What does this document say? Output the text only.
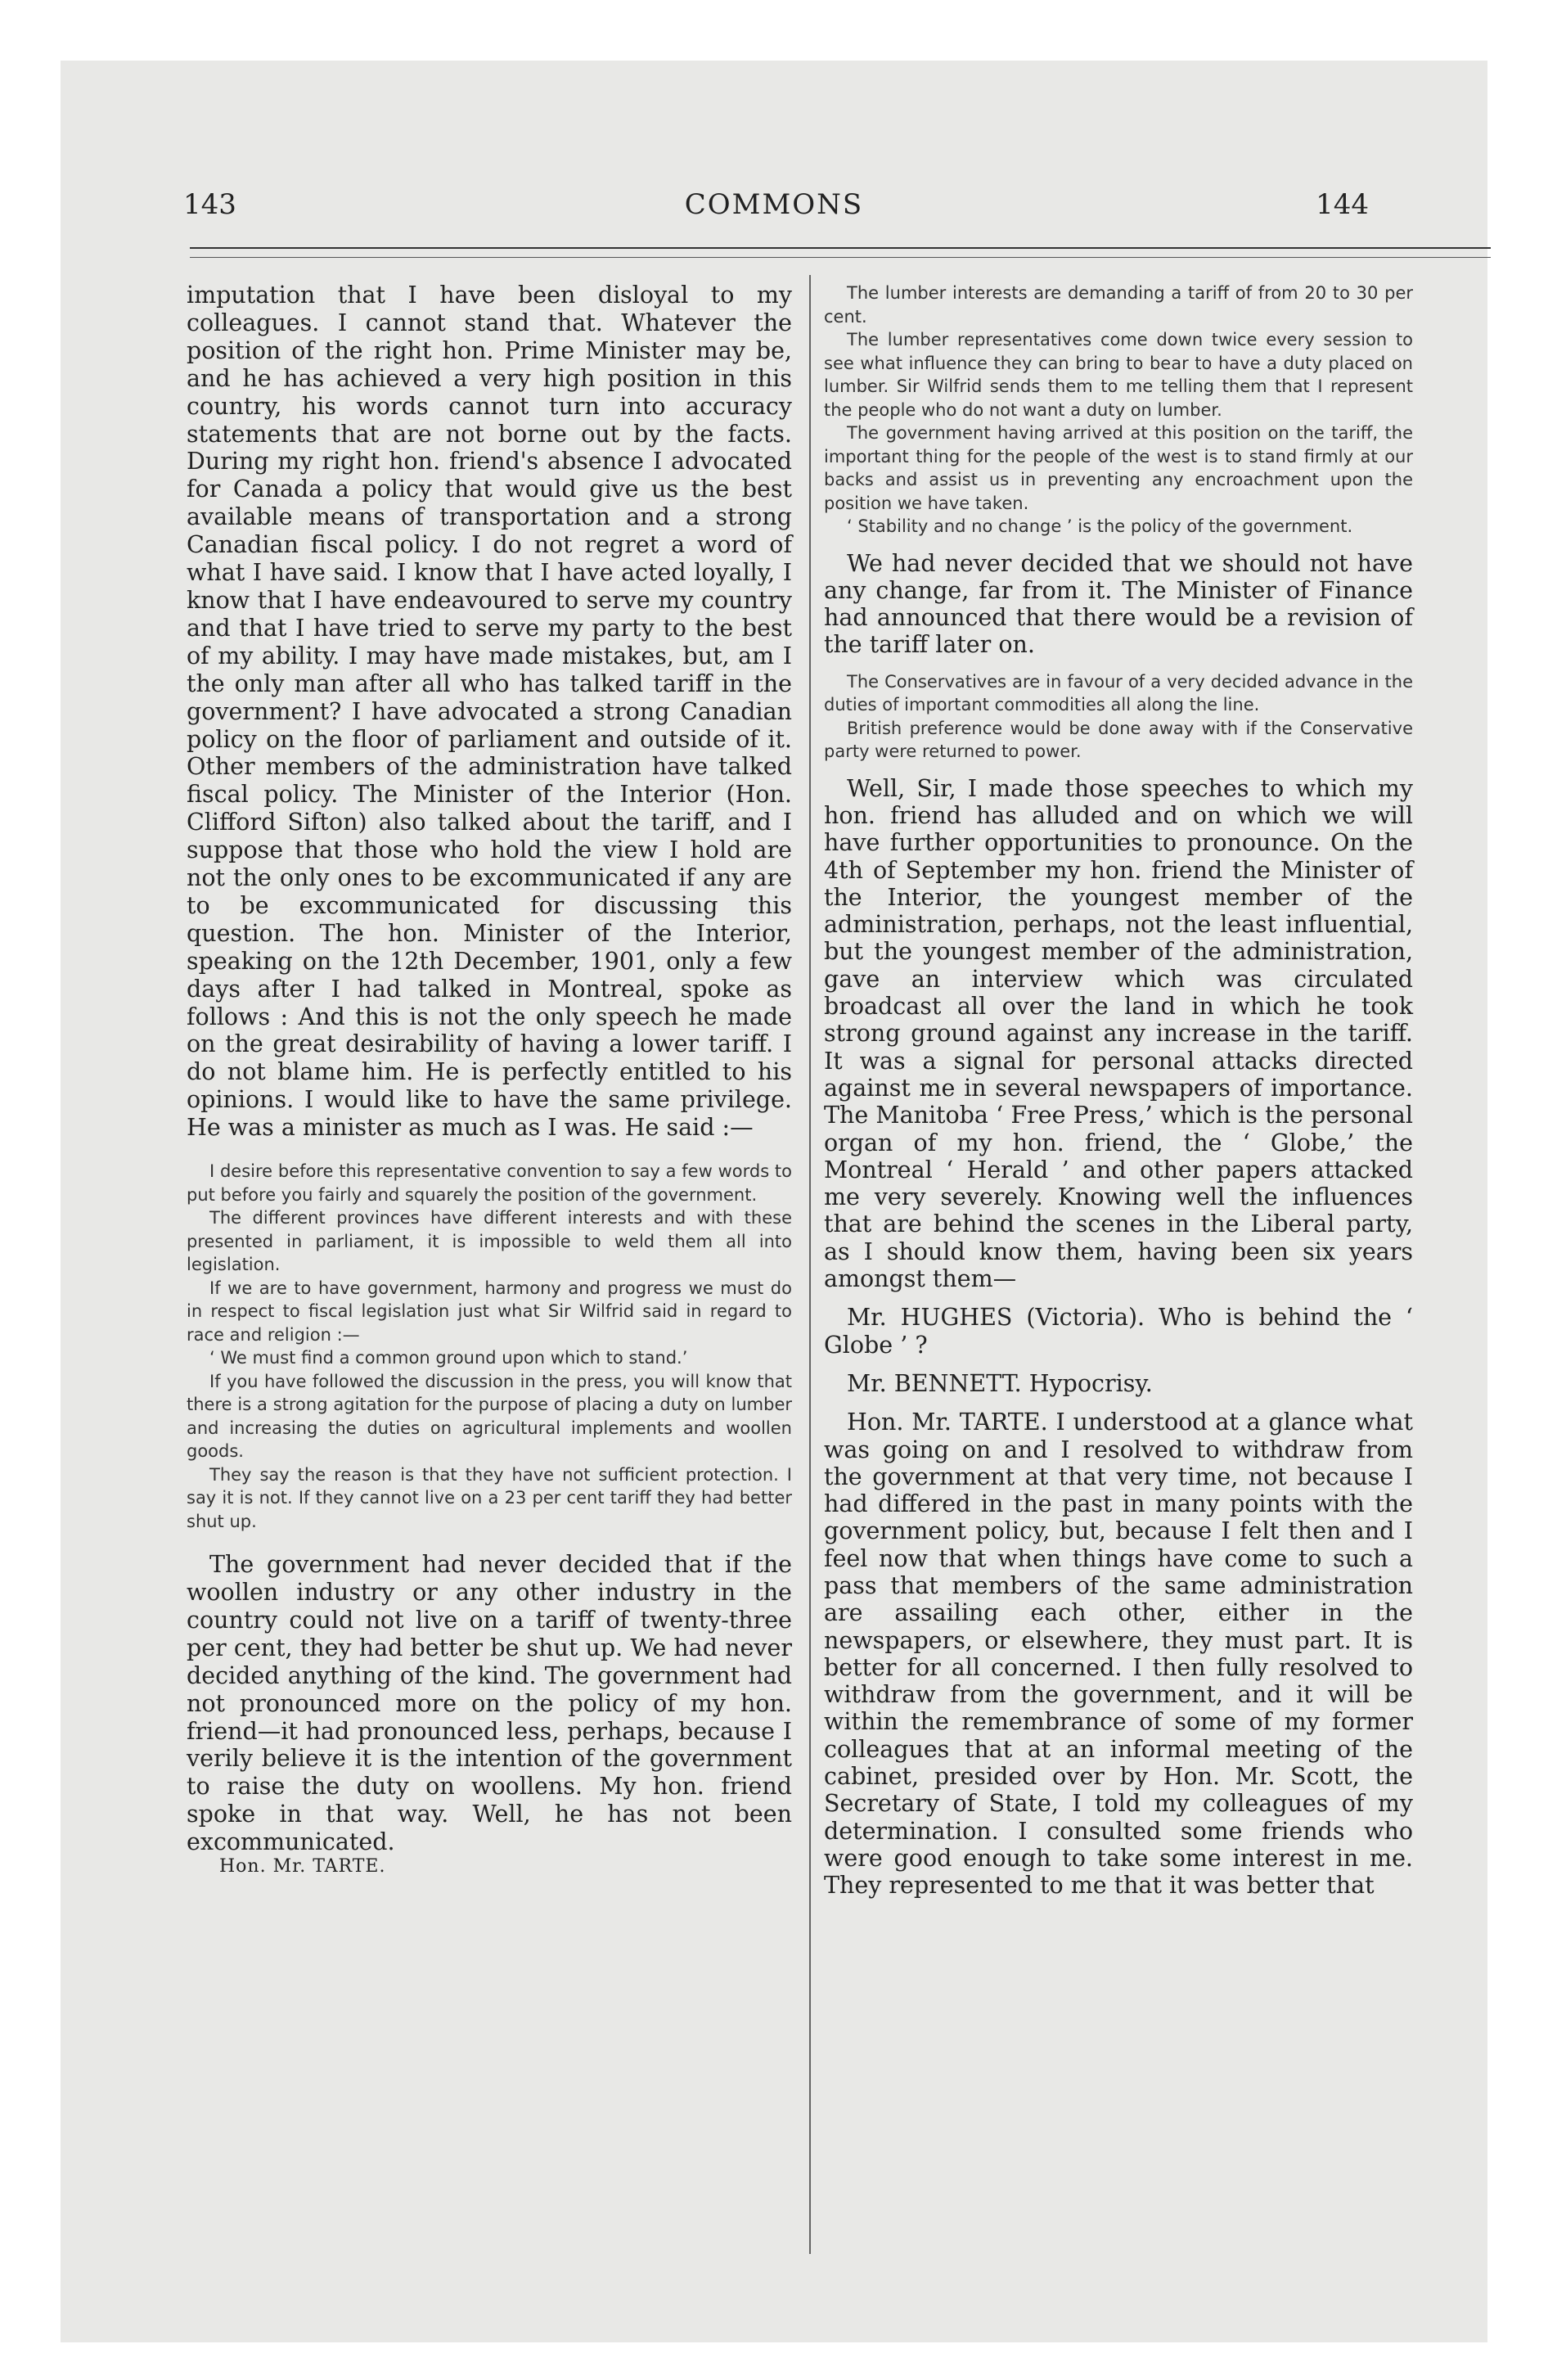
COMMONS
143	144

imputation that I have been disloyal to my colleagues. I cannot stand that. Whatever the position of the right hon. Prime Minister may be, and he has achieved a very high position in this country, his words cannot turn into accuracy statements that are not borne out by the facts. During my right hon. friend's absence I advocated for Canada a policy that would give us the best available means of transportation and a strong Canadian fiscal policy. I do not regret a word of what I have said. I know that I have acted loyally, I know that I have endeavoured to serve my country and that I have tried to serve my party to the best of my ability. I may have made mistakes, but, am I the only man after all who has talked tariff in the government? I have advocated a strong Canadian policy on the floor of parliament and outside of it. Other members of the administration have talked fiscal policy. The Minister of the Interior (Hon. Clifford Sifton) also talked about the tariff, and I suppose that those who hold the view I hold are not the only ones to be excommunicated if any are to be excommunicated for discussing this question. The hon. Minister of the Interior, speaking on the 12th December, 1901, only a few days after I had talked in Montreal, spoke as follows : And this is not the only speech he made on the great desirability of having a lower tariff. I do not blame him. He is perfectly entitled to his opinions. I would like to have the same privilege. He was a minister as much as I was. He said :—

I desire before this representative convention to say a few words to put before you fairly and squarely the position of the government.

The different provinces have different interests and with these presented in parliament, it is impossible to weld them all into legislation.

If we are to have government, harmony and progress we must do in respect to fiscal legislation just what Sir Wilfrid said in regard to race and religion :—

‘ We must find a common ground upon which to stand.’

If you have followed the discussion in the press, you will know that there is a strong agitation for the purpose of placing a duty on lumber and increasing the duties on agricultural implements and woollen goods.

They say the reason is that they have not sufficient protection. I say it is not. If they cannot live on a 23 per cent tariff they had better shut up.

The government had never decided that if the woollen industry or any other industry in the country could not live on a tariff of twenty-three per cent, they had better be shut up. We had never decided anything of the kind. The government had not pronounced more on the policy of my hon. friend—it had pronounced less, perhaps, because I verily believe it is the intention of the government to raise the duty on woollens. My hon. friend spoke in that way. Well, he has not been excommunicated.

Hon. Mr. TARTE.

The lumber interests are demanding a tariff of from 20 to 30 per cent.

The lumber representatives come down twice every session to see what influence they can bring to bear to have a duty placed on lumber. Sir Wilfrid sends them to me telling them that I represent the people who do not want a duty on lumber.

The government having arrived at this position on the tariff, the important thing for the people of the west is to stand firmly at our backs and assist us in preventing any encroachment upon the position we have taken.

‘ Stability and no change ’ is the policy of the government.

We had never decided that we should not have any change, far from it. The Minister of Finance had announced that there would be a revision of the tariff later on.

The Conservatives are in favour of a very decided advance in the duties of important commodities all along the line.

British preference would be done away with if the Conservative party were returned to power.

Well, Sir, I made those speeches to which my hon. friend has alluded and on which we will have further opportunities to pronounce. On the 4th of September my hon. friend the Minister of the Interior, the youngest member of the administration, perhaps, not the least influential, but the youngest member of the administration, gave an interview which was circulated broadcast all over the land in which he took strong ground against any increase in the tariff. It was a signal for personal attacks directed against me in several newspapers of importance. The Manitoba ‘ Free Press,’ which is the personal organ of my hon. friend, the ‘ Globe,’ the Montreal ‘ Herald ’ and other papers attacked me very severely. Knowing well the influences that are behind the scenes in the Liberal party, as I should know them, having been six years amongst them—

Mr. HUGHES (Victoria). Who is behind the ‘ Globe ’ ?

Mr. BENNETT. Hypocrisy.

Hon. Mr. TARTE. I understood at a glance what was going on and I resolved to withdraw from the government at that very time, not because I had differed in the past in many points with the government policy, but, because I felt then and I feel now that when things have come to such a pass that members of the same administration are assailing each other, either in the newspapers, or elsewhere, they must part. It is better for all concerned. I then fully resolved to withdraw from the government, and it will be within the remembrance of some of my former colleagues that at an informal meeting of the cabinet, presided over by Hon. Mr. Scott, the Secretary of State, I told my colleagues of my determination. I consulted some friends who were good enough to take some interest in me. They represented to me that it was better that
